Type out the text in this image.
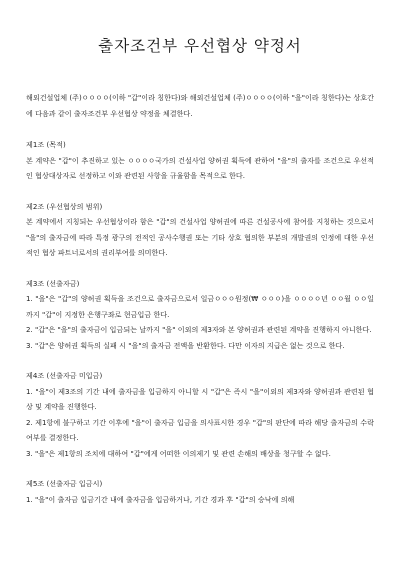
출자조건부 우선협상 약정서

해외건설업체 (주)ㅇㅇㅇㅇ(이하 "갑"이라 칭한다)와 해외건설업체 (주)ㅇㅇㅇㅇ(이하 "을"이라 칭한다)는 상호간에 다음과 같이 출자조건부 우선협상 약정을 체결한다.

제1조 (목적)

본 계약은 "갑"이 추진하고 있는 ㅇㅇㅇㅇ국가의 건설사업 양허권 획득에 관하여 "을"의 출자를 조건으로 우선적인 협상대상자로 선정하고 이와 관련된 사항을 규율함을 목적으로 한다.

제2조 (우선협상의 범위)

본 계약에서 지칭되는 우선협상이라 함은 "갑"의 건설사업 양허권에 따른 건설공사에 참여를 지칭하는 것으로서 "을"의 출자금에 따라 특정 광구의 전적인 공사수행권 또는 기타 상호 협의한 부분의 개발권의 인정에 대한 우선적인 협상 파트너로서의 권리부여를 의미한다.

제3조 (선출자금)

1. "을"은 "갑"의 양허권 획득을 조건으로 출자금으로서 일금ㅇㅇㅇ원정(₩ ㅇㅇㅇ)을 ㅇㅇㅇㅇ년 ㅇㅇ월 ㅇㅇ일까지 "갑"이 지정한 은행구좌로 현금입금 한다.

2. "갑"은 "을"의 출자금이 입금되는 날까지 "을" 이외의 제3자와 본 양허권과 관련된 계약을 진행하지 아니한다.

3. "갑"은 양허권 획득의 실패 시 "을"의 출자금 전액을 반환한다. 다만 이자의 지급은 없는 것으로 한다.

제4조 (선출자금 미입금)

1. "을"이 제3조의 기간 내에 출자금을 입금하지 아니할 시 "갑"은 즉시 "을"이외의 제3자와 양허권과 관련된 협상 및 계약을 진행한다.

2. 제1항에 불구하고 기간 이후에 "을"이 출자금 입금을 의사표시한 경우 "갑"의 판단에 따라 해당 출자금의 수락여부를 결정한다.

3. "을"은 제1항의 조치에 대하여 "갑"에게 어떠한 이의제기 및 관련 손해의 배상을 청구할 수 없다.

제5조 (선출자금 입금시)

1. "을"이 출자금 입금기간 내에 출자금을 입금하거나, 기간 경과 후 "갑"의 승낙에 의해
